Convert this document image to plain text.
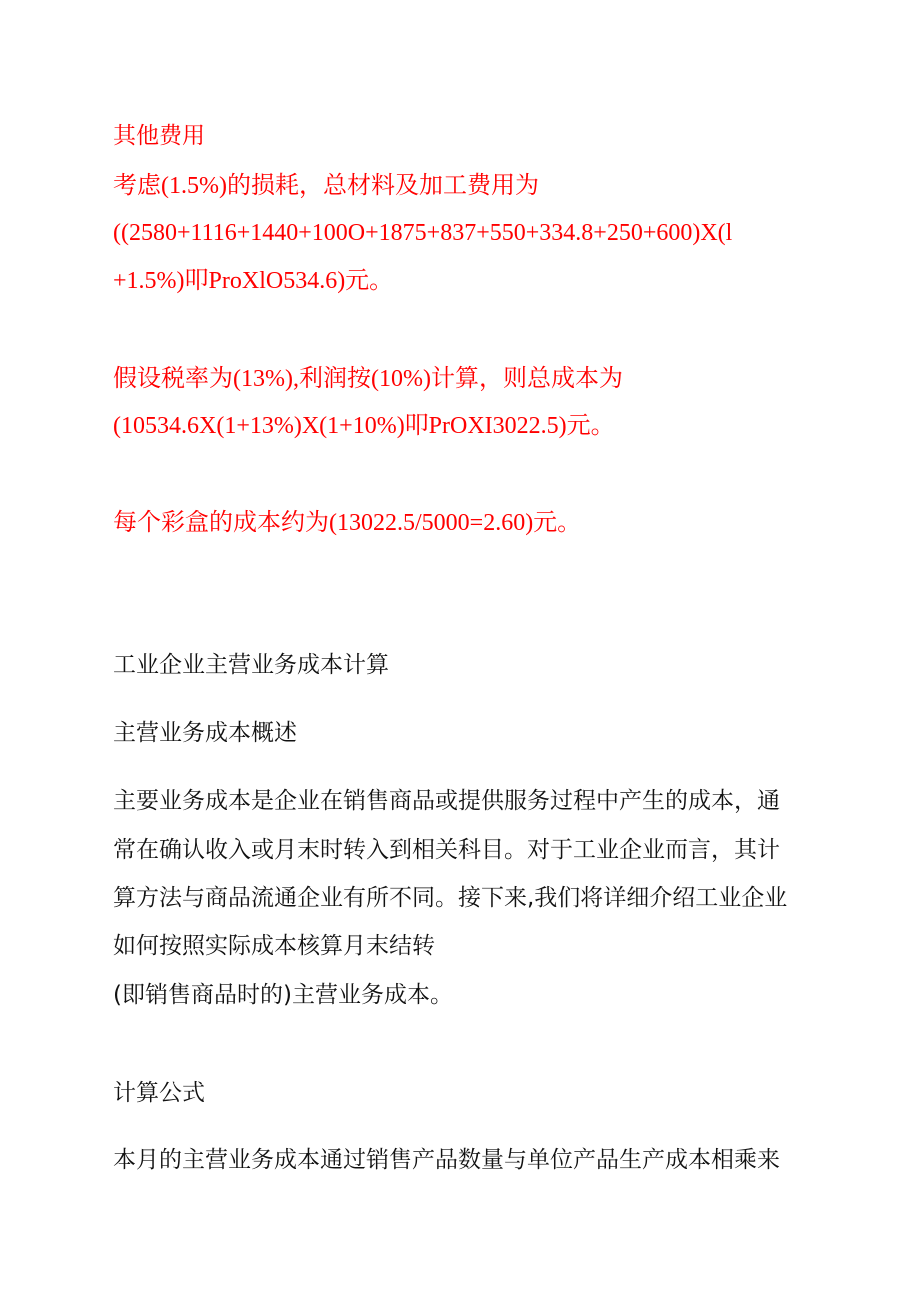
其他费用

考虑(1.5%)的损耗，总材料及加工费用为

((2580+1116+1440+100O+1875+837+550+334.8+250+600)X(l

+1.5%)叩ProXlO534.6)元。

假设税率为(13%),利润按(10%)计算，则总成本为

(10534.6X(1+13%)X(1+10%)叩PrOXI3022.5)元。

每个彩盒的成本约为(13022.5/5000=2.60)元。

工业企业主营业务成本计算

主营业务成本概述

主要业务成本是企业在销售商品或提供服务过程中产生的成本，通

常在确认收入或月末时转入到相关科目。对于工业企业而言，其计

算方法与商品流通企业有所不同。接下来,我们将详细介绍工业企业

如何按照实际成本核算月末结转

(即销售商品时的)主营业务成本。

计算公式

本月的主营业务成本通过销售产品数量与单位产品生产成本相乘来
